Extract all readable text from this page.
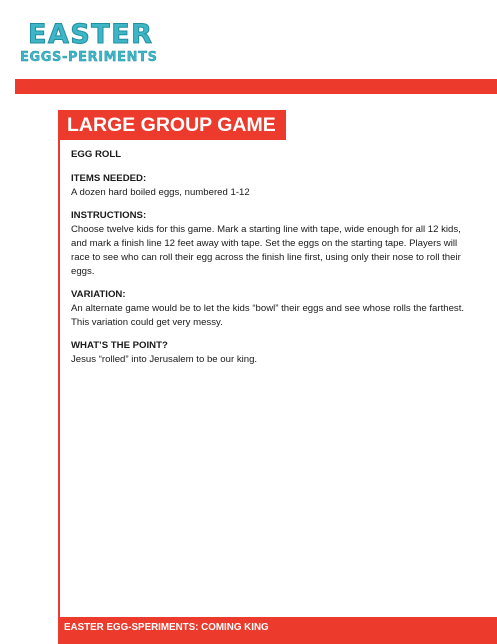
EASTER
EGGS-PERIMENTS
LARGE GROUP GAME
EGG ROLL
ITEMS NEEDED:
A dozen hard boiled eggs, numbered 1-12
INSTRUCTIONS:
Choose twelve kids for this game. Mark a starting line with tape, wide enough for all 12 kids, and mark a finish line 12 feet away with tape. Set the eggs on the starting tape. Players will race to see who can roll their egg across the finish line first, using only their nose to roll their eggs.
VARIATION:
An alternate game would be to let the kids “bowl” their eggs and see whose rolls the farthest. This variation could get very messy.
WHAT’S THE POINT?
Jesus “rolled” into Jerusalem to be our king.
EASTER EGG-SPERIMENTS: COMING KING
